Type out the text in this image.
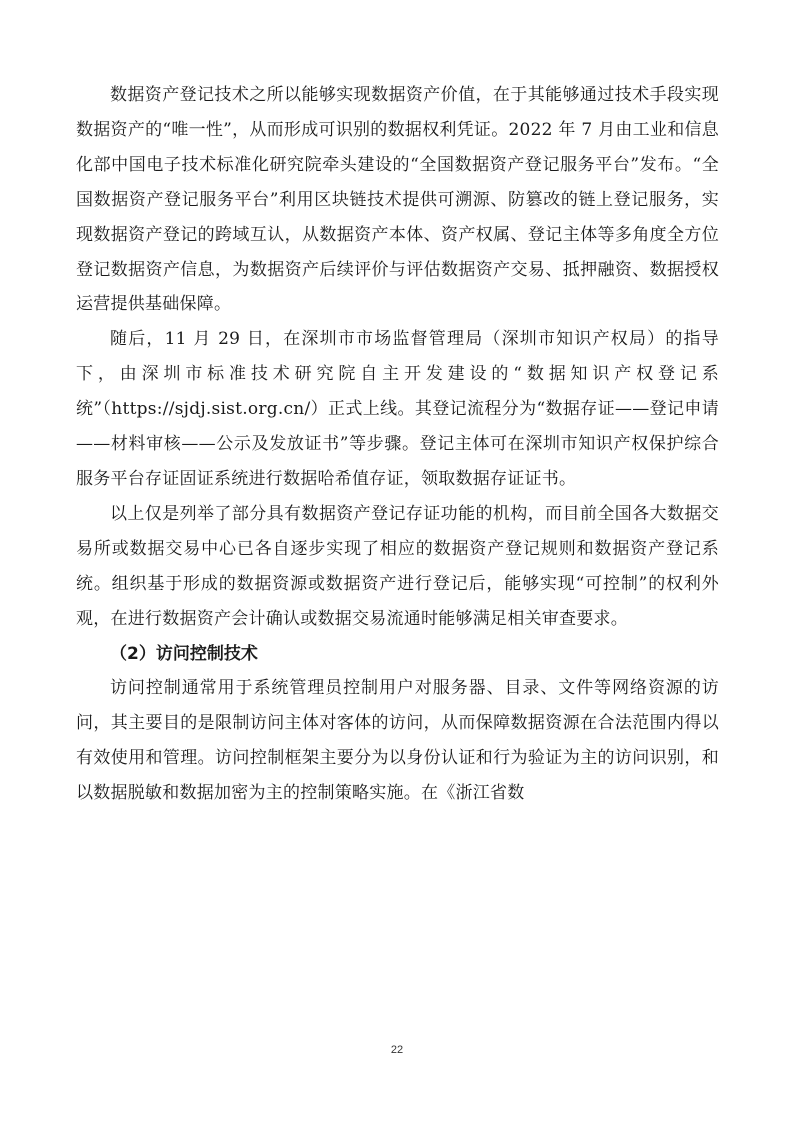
数据资产登记技术之所以能够实现数据资产价值，在于其能够通过技术手段实现数据资产的“唯一性”，从而形成可识别的数据权利凭证。2022 年 7 月由工业和信息化部中国电子技术标准化研究院牵头建设的“全国数据资产登记服务平台”发布。“全国数据资产登记服务平台”利用区块链技术提供可溯源、防篡改的链上登记服务，实现数据资产登记的跨域互认，从数据资产本体、资产权属、登记主体等多角度全方位登记数据资产信息，为数据资产后续评价与评估数据资产交易、抵押融资、数据授权运营提供基础保障。

随后，11 月 29 日，在深圳市市场监督管理局（深圳市知识产权局）的指导下，由深圳市标准技术研究院自主开发建设的“数据知识产权登记系统”（https://sjdj.sist.org.cn/）正式上线。其登记流程分为“数据存证——登记申请——材料审核——公示及发放证书”等步骤。登记主体可在深圳市知识产权保护综合服务平台存证固证系统进行数据哈希值存证，领取数据存证证书。

以上仅是列举了部分具有数据资产登记存证功能的机构，而目前全国各大数据交易所或数据交易中心已各自逐步实现了相应的数据资产登记规则和数据资产登记系统。组织基于形成的数据资源或数据资产进行登记后，能够实现“可控制”的权利外观，在进行数据资产会计确认或数据交易流通时能够满足相关审查要求。

（2）访问控制技术

访问控制通常用于系统管理员控制用户对服务器、目录、文件等网络资源的访问，其主要目的是限制访问主体对客体的访问，从而保障数据资源在合法范围内得以有效使用和管理。访问控制框架主要分为以身份认证和行为验证为主的访问识别，和以数据脱敏和数据加密为主的控制策略实施。在《浙江省数

22
